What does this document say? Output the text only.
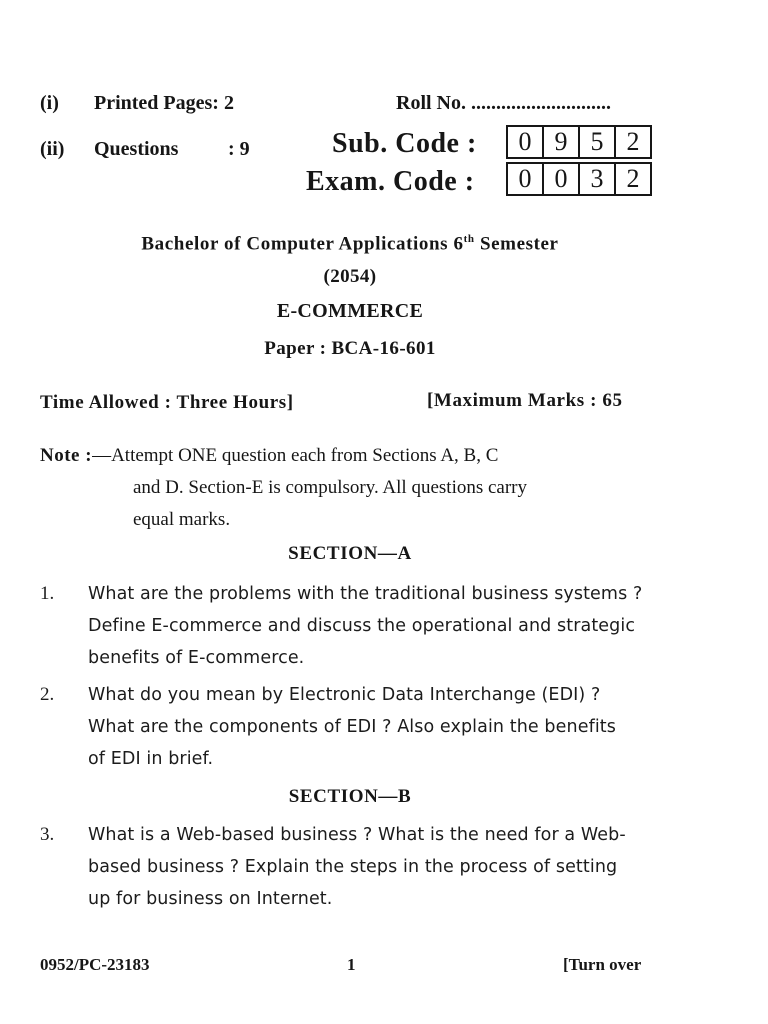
(i) Printed Pages: 2	Roll No. ............................
(ii) Questions : 9	Sub. Code :	0 9 5 2
Exam. Code :	0 0 3 2
Bachelor of Computer Applications 6th Semester
(2054)
E-COMMERCE
Paper : BCA-16-601
Time Allowed : Three Hours]	[Maximum Marks : 65
Note :—Attempt ONE question each from Sections A, B, C
and D. Section-E is compulsory. All questions carry
equal marks.
SECTION—A
1. What are the problems with the traditional business systems ?
Define E-commerce and discuss the operational and strategic
benefits of E-commerce.
2. What do you mean by Electronic Data Interchange (EDI) ?
What are the components of EDI ? Also explain the benefits
of EDI in brief.
SECTION—B
3. What is a Web-based business ? What is the need for a Web-
based business ? Explain the steps in the process of setting
up for business on Internet.
0952/PC-23183	1	[Turn over
